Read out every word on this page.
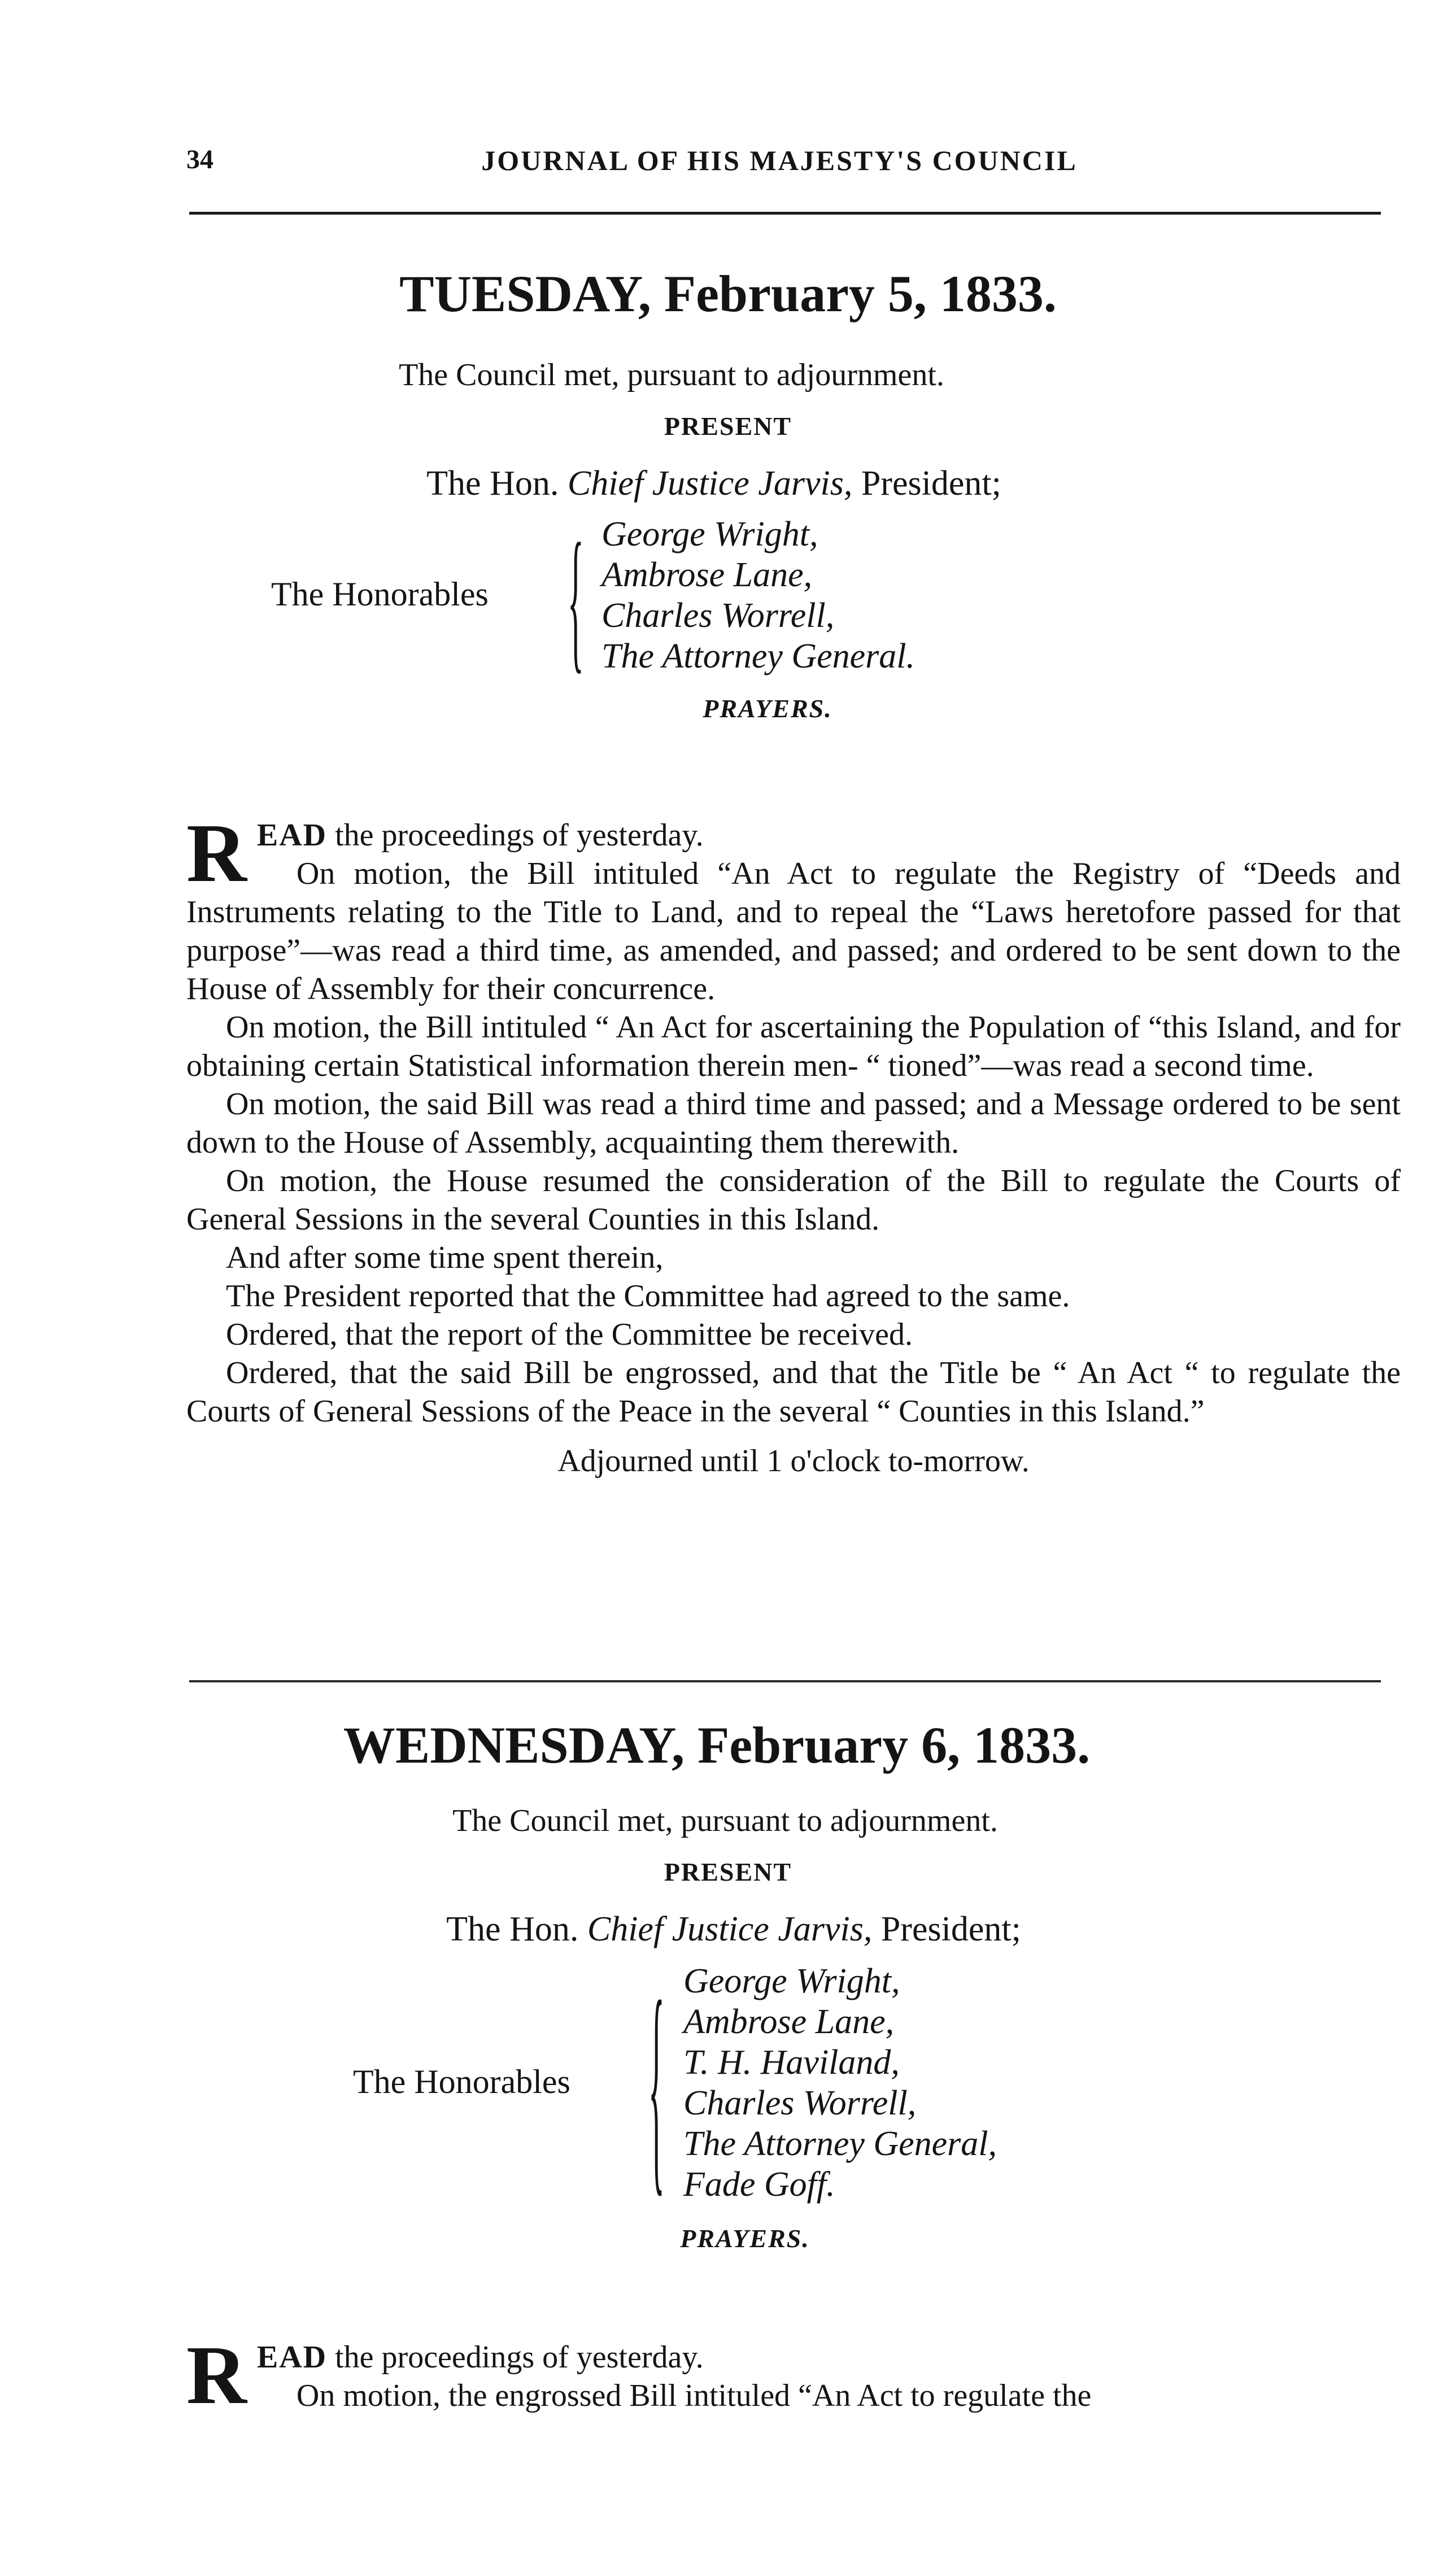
34	JOURNAL OF HIS MAJESTY'S COUNCIL
TUESDAY, February 5, 1833.
The Council met, pursuant to adjournment.
PRESENT
The Hon. Chief Justice Jarvis, President;
The Honorables { George Wright,
Ambrose Lane,
Charles Worrell,
The Attorney General.
PRAYERS.

READ the proceedings of yesterday.

On motion, the Bill intituled “An Act to regulate the Registry of “Deeds and Instruments relating to the Title to Land, and to repeal the “Laws heretofore passed for that purpose”—was read a third time, as amended, and passed; and ordered to be sent down to the House of Assembly for their concurrence.

On motion, the Bill intituled “ An Act for ascertaining the Population of “this Island, and for obtaining certain Statistical information therein men- “ tioned”—was read a second time.

On motion, the said Bill was read a third time and passed; and a Message ordered to be sent down to the House of Assembly, acquainting them therewith.

On motion, the House resumed the consideration of the Bill to regulate the Courts of General Sessions in the several Counties in this Island.

And after some time spent therein,

The President reported that the Committee had agreed to the same.

Ordered, that the report of the Committee be received.

Ordered, that the said Bill be engrossed, and that the Title be “ An Act “ to regulate the Courts of General Sessions of the Peace in the several “ Counties in this Island.”

Adjourned until 1 o'clock to-morrow.
WEDNESDAY, February 6, 1833.
The Council met, pursuant to adjournment.
PRESENT
The Hon. Chief Justice Jarvis, President;
The Honorables { George Wright,
Ambrose Lane,
T. H. Haviland,
Charles Worrell,
The Attorney General,
Fade Goff.
PRAYERS.

READ the proceedings of yesterday.

On motion, the engrossed Bill intituled “An Act to regulate the
